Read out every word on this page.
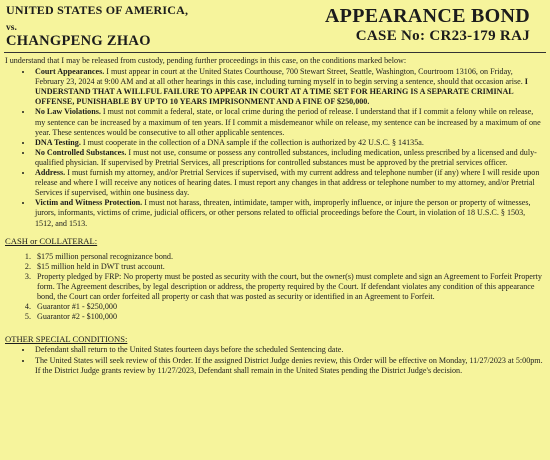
UNITED STATES OF AMERICA,
vs.
CHANGPENG ZHAO
APPEARANCE BOND
CASE No: CR23-179 RAJ
I understand that I may be released from custody, pending further proceedings in this case, on the conditions marked below:
• Court Appearances. I must appear in court at the United States Courthouse, 700 Stewart Street, Seattle, Washington, Courtroom 13106, on Friday, February 23, 2024 at 9:00 AM and at all other hearings in this case, including turning myself in to begin serving a sentence, should that occasion arise. I UNDERSTAND THAT A WILLFUL FAILURE TO APPEAR IN COURT AT A TIME SET FOR HEARING IS A SEPARATE CRIMINAL OFFENSE, PUNISHABLE BY UP TO 10 YEARS IMPRISONMENT AND A FINE OF $250,000.
• No Law Violations. I must not commit a federal, state, or local crime during the period of release. I understand that if I commit a felony while on release, my sentence can be increased by a maximum of ten years. If I commit a misdemeanor while on release, my sentence can be increased by a maximum of one year. These sentences would be consecutive to all other applicable sentences.
• DNA Testing. I must cooperate in the collection of a DNA sample if the collection is authorized by 42 U.S.C. § 14135a.
• No Controlled Substances. I must not use, consume or possess any controlled substances, including medication, unless prescribed by a licensed and duly-qualified physician. If supervised by Pretrial Services, all prescriptions for controlled substances must be approved by the pretrial services officer.
• Address. I must furnish my attorney, and/or Pretrial Services if supervised, with my current address and telephone number (if any) where I will reside upon release and where I will receive any notices of hearing dates. I must report any changes in that address or telephone number to my attorney, and/or Pretrial Services if supervised, within one business day.
• Victim and Witness Protection. I must not harass, threaten, intimidate, tamper with, improperly influence, or injure the person or property of witnesses, jurors, informants, victims of crime, judicial officers, or other persons related to official proceedings before the Court, in violation of 18 U.S.C. § 1503, 1512, and 1513.
CASH or COLLATERAL:
1. $175 million personal recognizance bond.
2. $15 million held in DWT trust account.
3. Property pledged by FRP: No property must be posted as security with the court, but the owner(s) must complete and sign an Agreement to Forfeit Property form. The Agreement describes, by legal description or address, the property required by the Court. If defendant violates any condition of this appearance bond, the Court can order forfeited all property or cash that was posted as security or identified in an Agreement to Forfeit.
4. Guarantor #1 - $250,000
5. Guarantor #2 - $100,000
OTHER SPECIAL CONDITIONS:
• Defendant shall return to the United States fourteen days before the scheduled Sentencing date.
• The United States will seek review of this Order. If the assigned District Judge denies review, this Order will be effective on Monday, 11/27/2023 at 5:00pm. If the District Judge grants review by 11/27/2023, Defendant shall remain in the United States pending the District Judge's decision.
